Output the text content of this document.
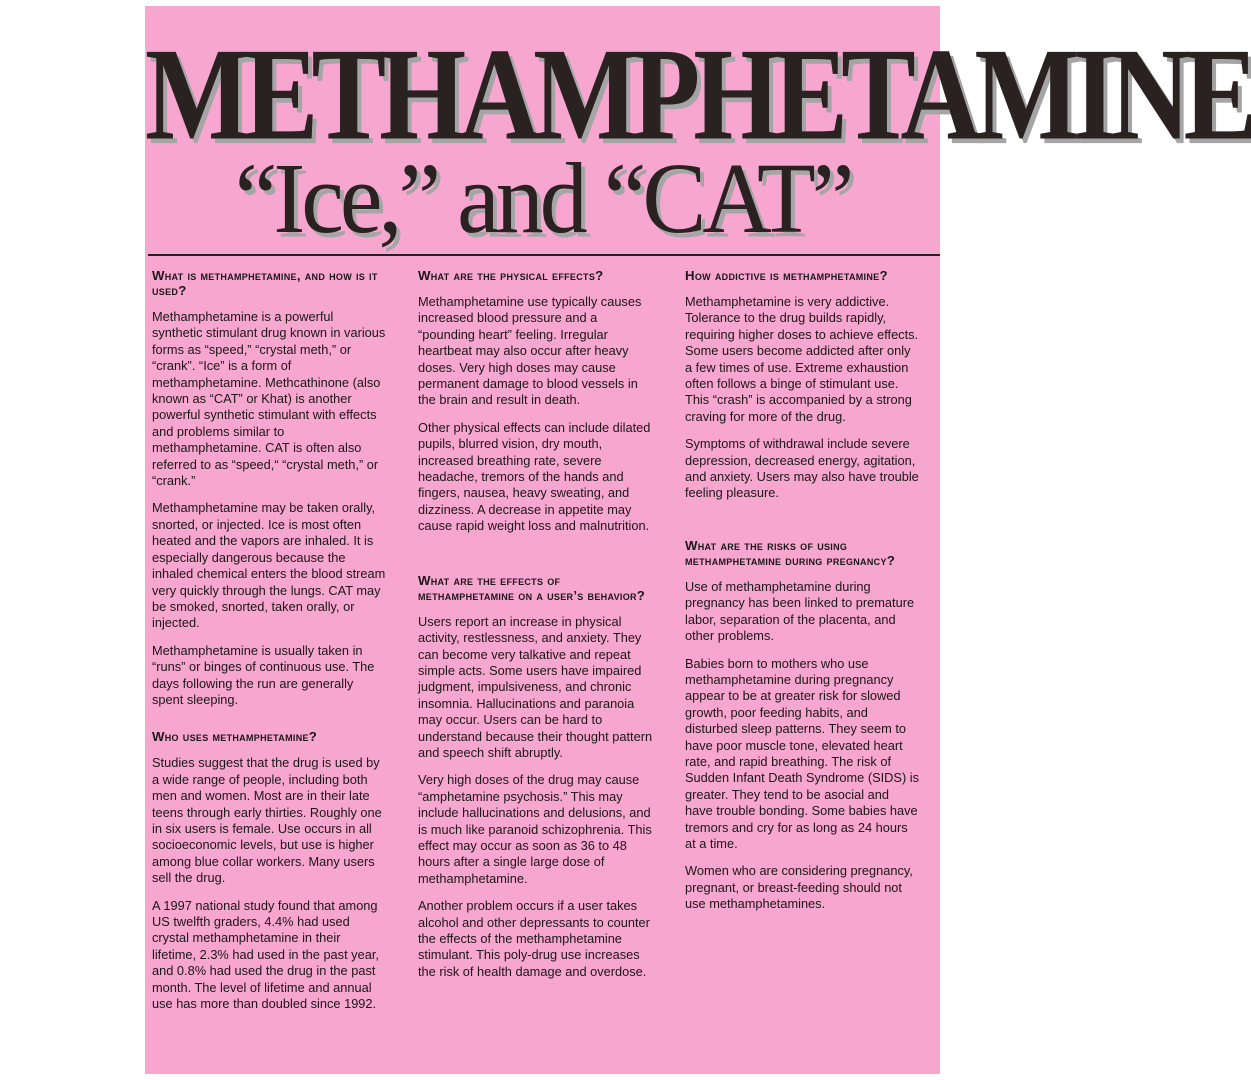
METHAMPHETAMINE
“Ice,” and “CAT”
What is methamphetamine, and how is it used?

Methamphetamine is a powerful synthetic stimulant drug known in various forms as “speed,” “crystal meth,” or “crank”. “Ice” is a form of methamphetamine. Methcathinone (also known as “CAT” or Khat) is another powerful synthetic stimulant with effects and problems similar to methamphetamine. CAT is often also referred to as “speed,“ “crystal meth,” or “crank.”

Methamphetamine may be taken orally, snorted, or injected. Ice is most often heated and the vapors are inhaled. It is especially dangerous because the inhaled chemical enters the blood stream very quickly through the lungs. CAT may be smoked, snorted, taken orally, or injected.

Methamphetamine is usually taken in “runs” or binges of continuous use. The days following the run are generally spent sleeping.

Who uses methamphetamine?

Studies suggest that the drug is used by a wide range of people, including both men and women. Most are in their late teens through early thirties. Roughly one in six users is female. Use occurs in all socioeconomic levels, but use is higher among blue collar workers. Many users sell the drug.

A 1997 national study found that among US twelfth graders, 4.4% had used crystal methamphetamine in their lifetime, 2.3% had used in the past year, and 0.8% had used the drug in the past month. The level of lifetime and annual use has more than doubled since 1992.

What are the physical effects?

Methamphetamine use typically causes increased blood pressure and a “pounding heart” feeling. Irregular heartbeat may also occur after heavy doses. Very high doses may cause permanent damage to blood vessels in the brain and result in death.

Other physical effects can include dilated pupils, blurred vision, dry mouth, increased breathing rate, severe headache, tremors of the hands and fingers, nausea, heavy sweating, and dizziness. A decrease in appetite may cause rapid weight loss and malnutrition.

What are the effects of methamphetamine on a user’s behavior?

Users report an increase in physical activity, restlessness, and anxiety. They can become very talkative and repeat simple acts. Some users have impaired judgment, impulsiveness, and chronic insomnia. Hallucinations and paranoia may occur. Users can be hard to understand because their thought pattern and speech shift abruptly.

Very high doses of the drug may cause “amphetamine psychosis.” This may include hallucinations and delusions, and is much like paranoid schizophrenia. This effect may occur as soon as 36 to 48 hours after a single large dose of methamphetamine.

Another problem occurs if a user takes alcohol and other depressants to counter the effects of the methamphetamine stimulant. This poly-drug use increases the risk of health damage and overdose.

How addictive is methamphetamine?

Methamphetamine is very addictive. Tolerance to the drug builds rapidly, requiring higher doses to achieve effects. Some users become addicted after only a few times of use. Extreme exhaustion often follows a binge of stimulant use. This “crash” is accompanied by a strong craving for more of the drug.

Symptoms of withdrawal include severe depression, decreased energy, agitation, and anxiety. Users may also have trouble feeling pleasure.

What are the risks of using methamphetamine during pregnancy?

Use of methamphetamine during pregnancy has been linked to premature labor, separation of the placenta, and other problems.

Babies born to mothers who use methamphetamine during pregnancy appear to be at greater risk for slowed growth, poor feeding habits, and disturbed sleep patterns. They seem to have poor muscle tone, elevated heart rate, and rapid breathing. The risk of Sudden Infant Death Syndrome (SIDS) is greater. They tend to be asocial and have trouble bonding. Some babies have tremors and cry for as long as 24 hours at a time.

Women who are considering pregnancy, pregnant, or breast-feeding should not use methamphetamines.
